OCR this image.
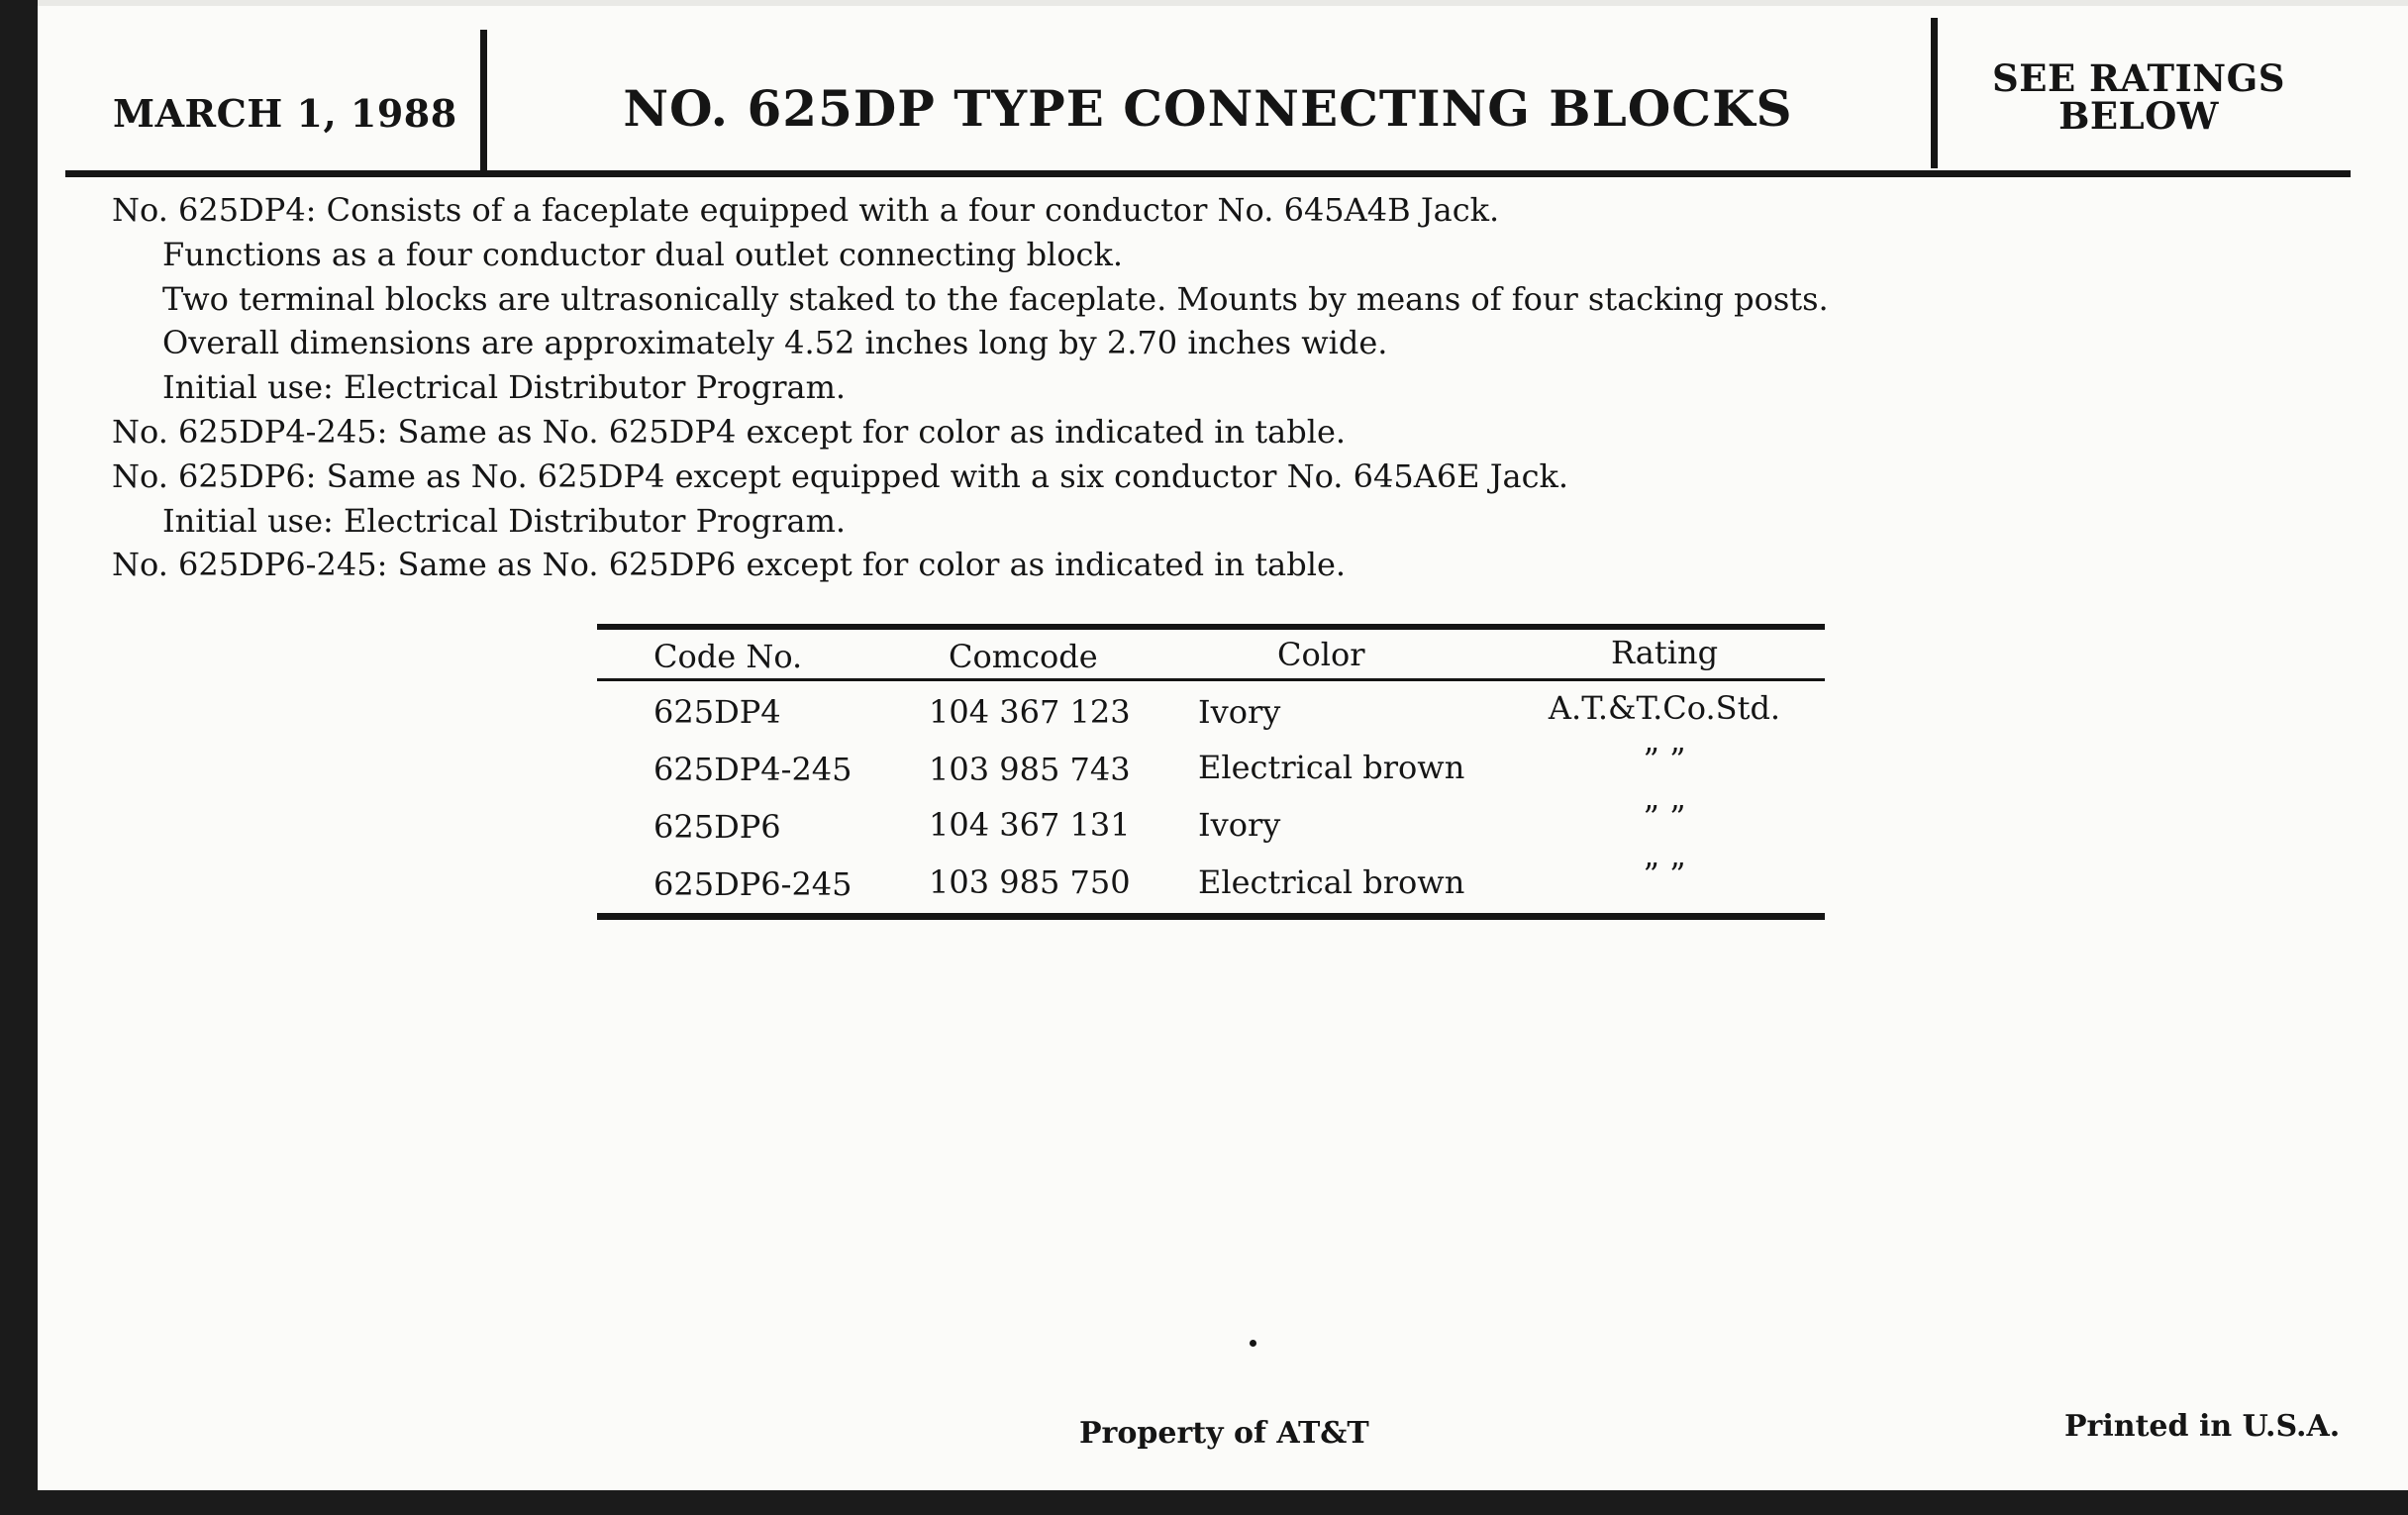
MARCH 1, 1988	NO. 625DP TYPE CONNECTING BLOCKS
SEE RATINGS
BELOW
No. 625DP4: Consists of a faceplate equipped with a four conductor No. 645A4B Jack.
Functions as a four conductor dual outlet connecting block.
Two terminal blocks are ultrasonically staked to the faceplate. Mounts by means of four stacking posts.
Overall dimensions are approximately 4.52 inches long by 2.70 inches wide.
Initial use: Electrical Distributor Program.
No. 625DP4-245: Same as No. 625DP4 except for color as indicated in table.
No. 625DP6: Same as No. 625DP4 except equipped with a six conductor No. 645A6E Jack.
Initial use: Electrical Distributor Program.
No. 625DP6-245: Same as No. 625DP6 except for color as indicated in table.
Code No.	Comcode	Color	Rating
625DP4	104 367 123 Ivory	A.T.&T.Co.Std.
625DP4-245 103 985 743 Electrical brown	” ”
625DP6	104 367 131 Ivory	” ”
625DP6-245 103 985 750 Electrical brown	” ”
Property of AT&T	Printed in U.S.A.
